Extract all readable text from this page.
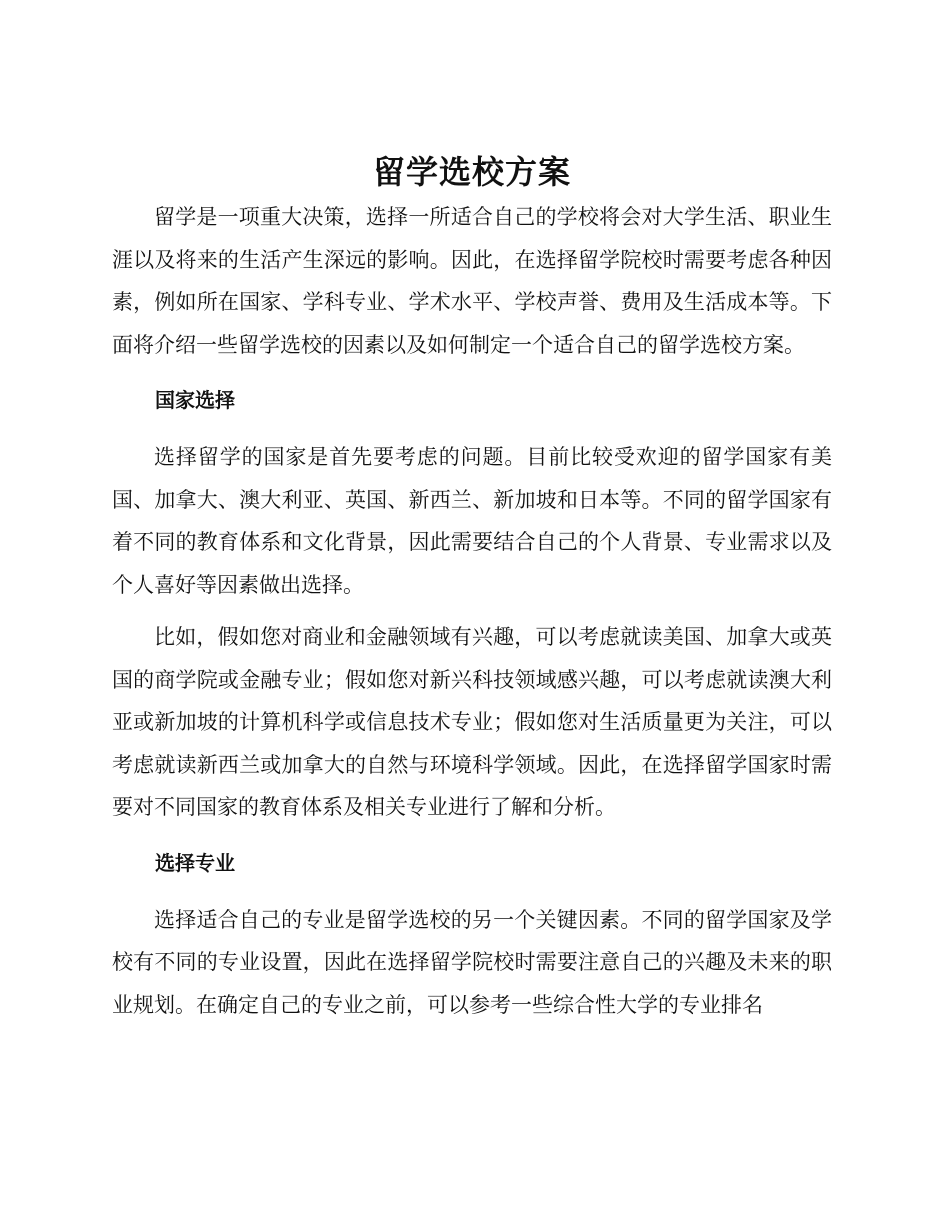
留学选校方案

留学是一项重大决策，选择一所适合自己的学校将会对大学生活、职业生涯以及将来的生活产生深远的影响。因此，在选择留学院校时需要考虑各种因素，例如所在国家、学科专业、学术水平、学校声誉、费用及生活成本等。下面将介绍一些留学选校的因素以及如何制定一个适合自己的留学选校方案。

国家选择

选择留学的国家是首先要考虑的问题。目前比较受欢迎的留学国家有美国、加拿大、澳大利亚、英国、新西兰、新加坡和日本等。不同的留学国家有着不同的教育体系和文化背景，因此需要结合自己的个人背景、专业需求以及个人喜好等因素做出选择。

比如，假如您对商业和金融领域有兴趣，可以考虑就读美国、加拿大或英国的商学院或金融专业；假如您对新兴科技领域感兴趣，可以考虑就读澳大利亚或新加坡的计算机科学或信息技术专业；假如您对生活质量更为关注，可以考虑就读新西兰或加拿大的自然与环境科学领域。因此，在选择留学国家时需要对不同国家的教育体系及相关专业进行了解和分析。

选择专业

选择适合自己的专业是留学选校的另一个关键因素。不同的留学国家及学校有不同的专业设置，因此在选择留学院校时需要注意自己的兴趣及未来的职业规划。在确定自己的专业之前，可以参考一些综合性大学的专业排名
